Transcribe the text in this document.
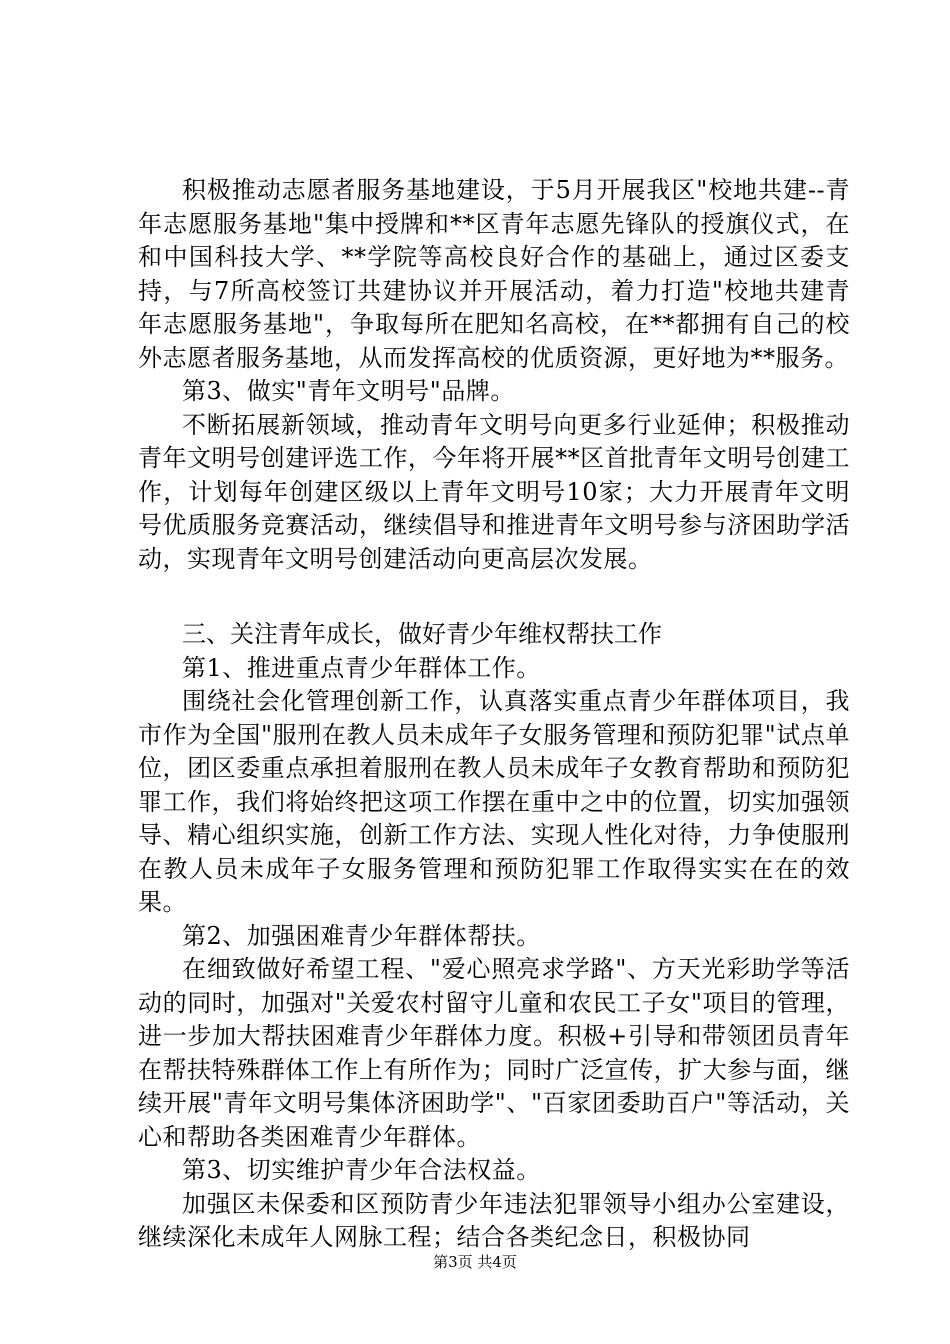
积极推动志愿者服务基地建设，于5月开展我区"校地共建--青年志愿服务基地"集中授牌和**区青年志愿先锋队的授旗仪式，在和中国科技大学、**学院等高校良好合作的基础上，通过区委支持，与7所高校签订共建协议并开展活动，着力打造"校地共建青年志愿服务基地"，争取每所在肥知名高校，在**都拥有自己的校外志愿者服务基地，从而发挥高校的优质资源，更好地为**服务。

第3、做实"青年文明号"品牌。

不断拓展新领域，推动青年文明号向更多行业延伸；积极推动青年文明号创建评选工作，今年将开展**区首批青年文明号创建工作，计划每年创建区级以上青年文明号10家；大力开展青年文明号优质服务竞赛活动，继续倡导和推进青年文明号参与济困助学活动，实现青年文明号创建活动向更高层次发展。

三、关注青年成长，做好青少年维权帮扶工作

第1、推进重点青少年群体工作。

围绕社会化管理创新工作，认真落实重点青少年群体项目，我市作为全国"服刑在教人员未成年子女服务管理和预防犯罪"试点单位，团区委重点承担着服刑在教人员未成年子女教育帮助和预防犯罪工作，我们将始终把这项工作摆在重中之中的位置，切实加强领导、精心组织实施，创新工作方法、实现人性化对待，力争使服刑在教人员未成年子女服务管理和预防犯罪工作取得实实在在的效果。

第2、加强困难青少年群体帮扶。

在细致做好希望工程、"爱心照亮求学路"、方天光彩助学等活动的同时，加强对"关爱农村留守儿童和农民工子女"项目的管理，进一步加大帮扶困难青少年群体力度。积极+引导和带领团员青年在帮扶特殊群体工作上有所作为；同时广泛宣传，扩大参与面，继续开展"青年文明号集体济困助学"、"百家团委助百户"等活动，关心和帮助各类困难青少年群体。

第3、切实维护青少年合法权益。

加强区未保委和区预防青少年违法犯罪领导小组办公室建设，继续深化未成年人网脉工程；结合各类纪念日，积极协同

第3页 共4页
